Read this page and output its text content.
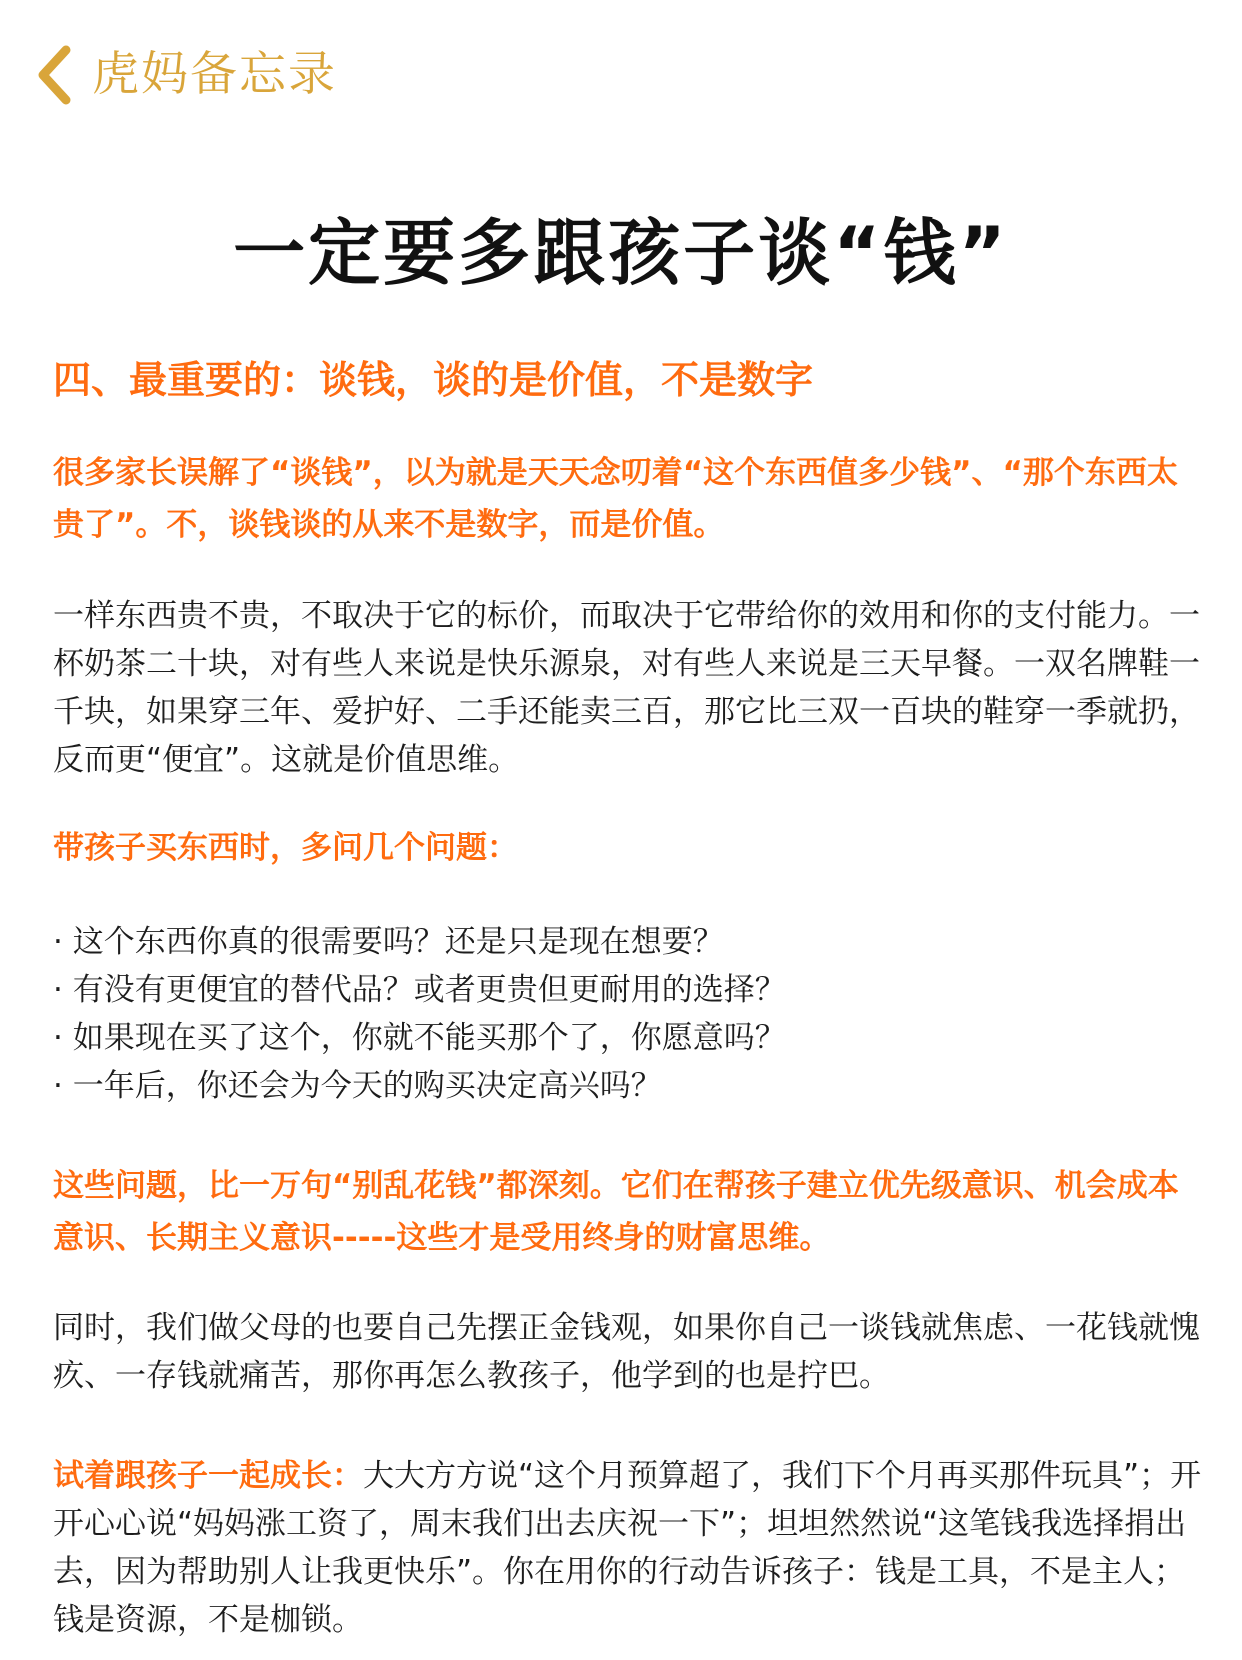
虎妈备忘录
一定要多跟孩子谈“钱”

四、最重要的：谈钱，谈的是价值，不是数字

很多家长误解了“谈钱”，以为就是天天念叨着“这个东西值多少钱”、“那个东西太贵了”。不，谈钱谈的从来不是数字，而是价值。

一样东西贵不贵，不取决于它的标价，而取决于它带给你的效用和你的支付能力。一杯奶茶二十块，对有些人来说是快乐源泉，对有些人来说是三天早餐。一双名牌鞋一千块，如果穿三年、爱护好、二手还能卖三百，那它比三双一百块的鞋穿一季就扔，反而更“便宜”。这就是价值思维。

带孩子买东西时，多问几个问题：

· 这个东西你真的很需要吗？还是只是现在想要？
· 有没有更便宜的替代品？或者更贵但更耐用的选择？
· 如果现在买了这个，你就不能买那个了，你愿意吗？
· 一年后，你还会为今天的购买决定高兴吗？

这些问题，比一万句“别乱花钱”都深刻。它们在帮孩子建立优先级意识、机会成本意识、长期主义意识-----这些才是受用终身的财富思维。

同时，我们做父母的也要自己先摆正金钱观，如果你自己一谈钱就焦虑、一花钱就愧疚、一存钱就痛苦，那你再怎么教孩子，他学到的也是拧巴。

试着跟孩子一起成长：大大方方说“这个月预算超了，我们下个月再买那件玩具”；开开心心说“妈妈涨工资了，周末我们出去庆祝一下”；坦坦然然说“这笔钱我选择捐出去，因为帮助别人让我更快乐”。你在用你的行动告诉孩子：钱是工具，不是主人；钱是资源，不是枷锁。
